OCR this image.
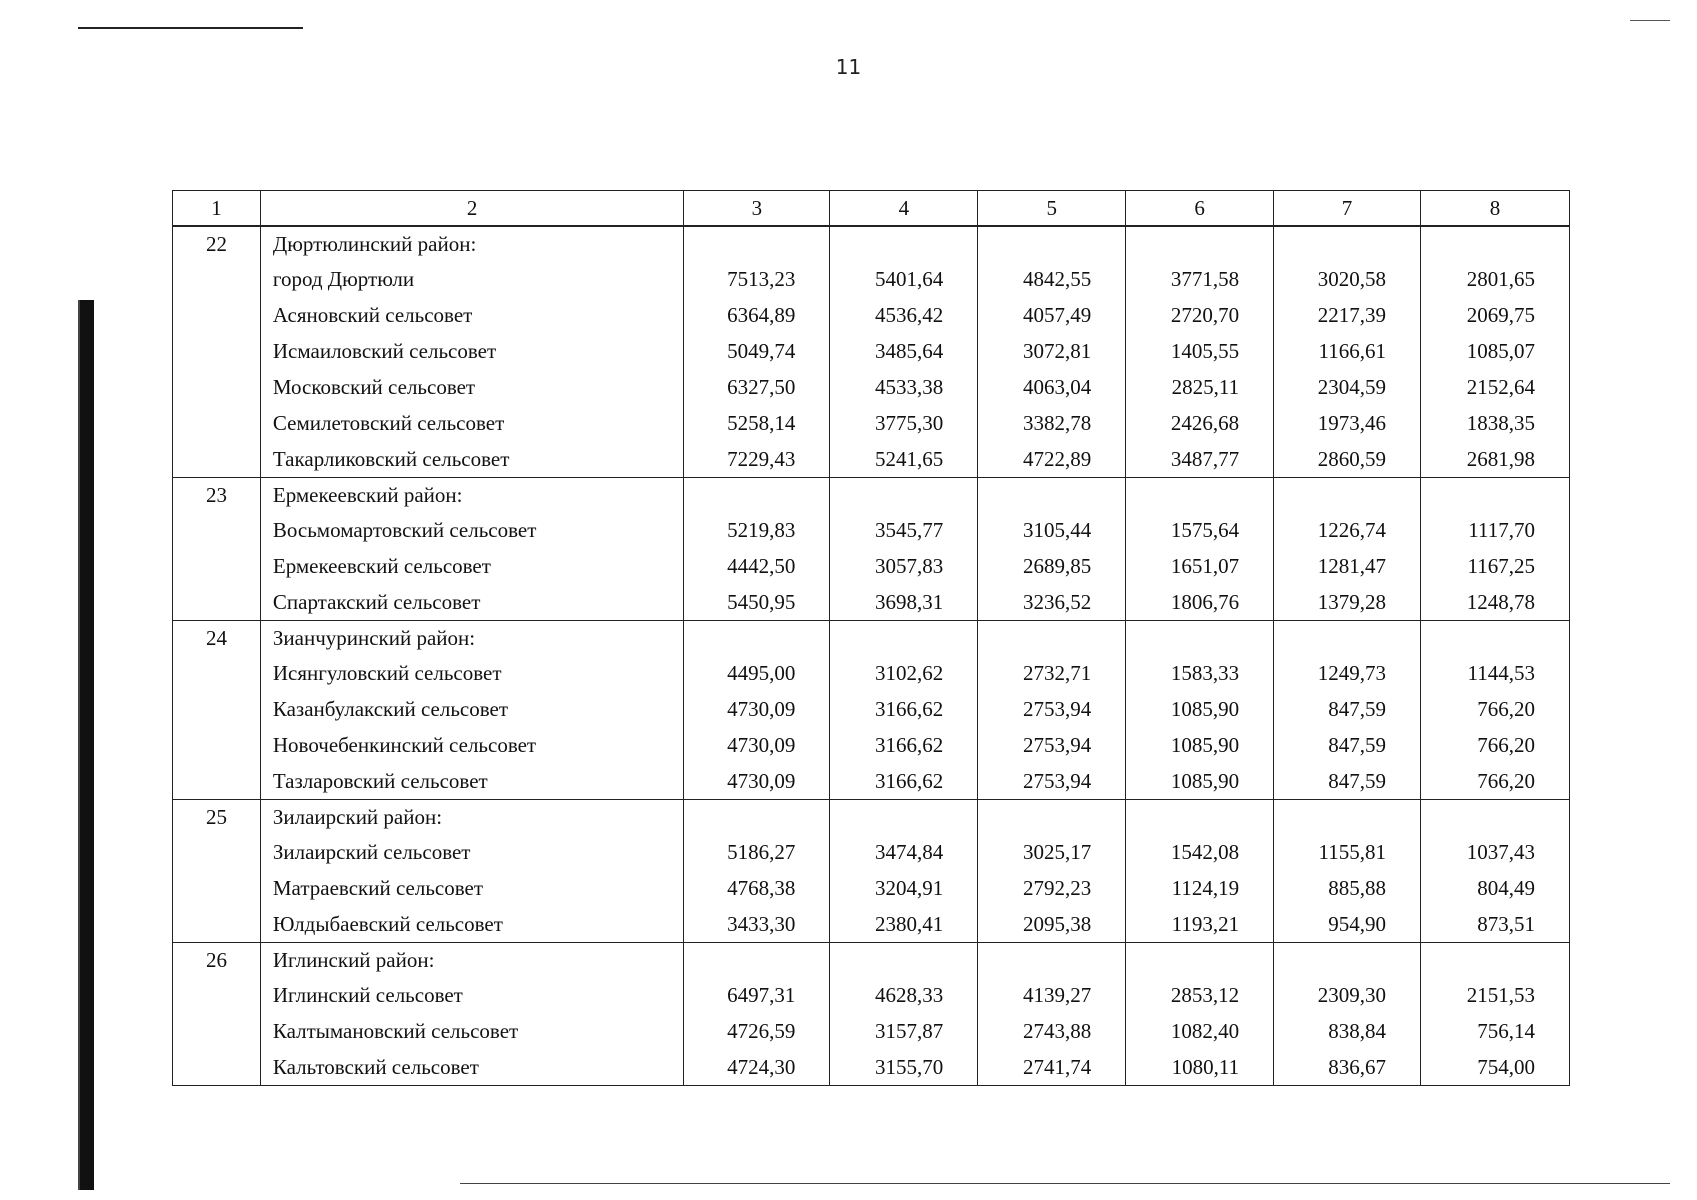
11
1	2	3	4	5	6	7	8
22	Дюртюлинский район:						
	город Дюртюли	7513,23	5401,64	4842,55	3771,58	3020,58	2801,65
	Асяновский сельсовет	6364,89	4536,42	4057,49	2720,70	2217,39	2069,75
	Исмаиловский сельсовет	5049,74	3485,64	3072,81	1405,55	1166,61	1085,07
	Московский сельсовет	6327,50	4533,38	4063,04	2825,11	2304,59	2152,64
	Семилетовский сельсовет	5258,14	3775,30	3382,78	2426,68	1973,46	1838,35
	Такарликовский сельсовет	7229,43	5241,65	4722,89	3487,77	2860,59	2681,98
23	Ермекеевский район:						
	Восьмомартовский сельсовет	5219,83	3545,77	3105,44	1575,64	1226,74	1117,70
	Ермекеевский сельсовет	4442,50	3057,83	2689,85	1651,07	1281,47	1167,25
	Спартакский сельсовет	5450,95	3698,31	3236,52	1806,76	1379,28	1248,78
24	Зианчуринский район:						
	Исянгуловский сельсовет	4495,00	3102,62	2732,71	1583,33	1249,73	1144,53
	Казанбулакский сельсовет	4730,09	3166,62	2753,94	1085,90	847,59	766,20
	Новочебенкинский сельсовет	4730,09	3166,62	2753,94	1085,90	847,59	766,20
	Тазларовский сельсовет	4730,09	3166,62	2753,94	1085,90	847,59	766,20
25	Зилаирский район:						
	Зилаирский сельсовет	5186,27	3474,84	3025,17	1542,08	1155,81	1037,43
	Матраевский сельсовет	4768,38	3204,91	2792,23	1124,19	885,88	804,49
	Юлдыбаевский сельсовет	3433,30	2380,41	2095,38	1193,21	954,90	873,51
26	Иглинский район:						
	Иглинский сельсовет	6497,31	4628,33	4139,27	2853,12	2309,30	2151,53
	Калтымановский сельсовет	4726,59	3157,87	2743,88	1082,40	838,84	756,14
	Кальтовский сельсовет	4724,30	3155,70	2741,74	1080,11	836,67	754,00
